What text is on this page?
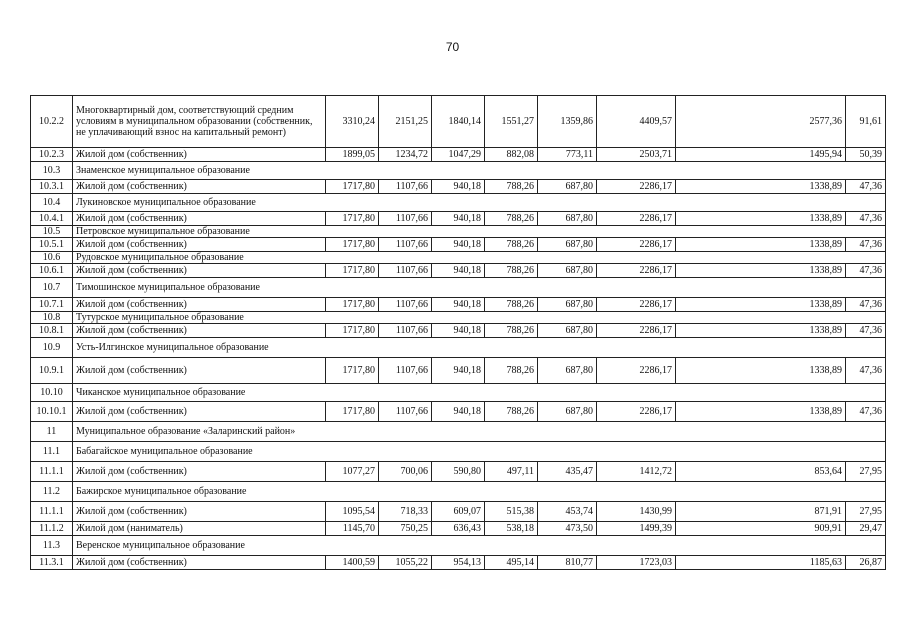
70
10.2.2	Многоквартирный дом, соответствующий средним условиям в муниципальном образовании (собственник, не уплачивающий взнос на капитальный ремонт)	3310,24	2151,25	1840,14	1551,27	1359,86	4409,57	2577,36	91,61
10.2.3	Жилой дом (собственник)	1899,05	1234,72	1047,29	882,08	773,11	2503,71	1495,94	50,39
10.3	Знаменское муниципальное образование								
10.3.1	Жилой дом (собственник)	1717,80	1107,66	940,18	788,26	687,80	2286,17	1338,89	47,36
10.4	Лукиновское муниципальное образование								
10.4.1	Жилой дом (собственник)	1717,80	1107,66	940,18	788,26	687,80	2286,17	1338,89	47,36
10.5	Петровское муниципальное образование								
10.5.1	Жилой дом (собственник)	1717,80	1107,66	940,18	788,26	687,80	2286,17	1338,89	47,36
10.6	Рудовское муниципальное образование								
10.6.1	Жилой дом (собственник)	1717,80	1107,66	940,18	788,26	687,80	2286,17	1338,89	47,36
10.7	Тимошинское муниципальное образование								
10.7.1	Жилой дом (собственник)	1717,80	1107,66	940,18	788,26	687,80	2286,17	1338,89	47,36
10.8	Тутурское муниципальное образование								
10.8.1	Жилой дом (собственник)	1717,80	1107,66	940,18	788,26	687,80	2286,17	1338,89	47,36
10.9	Усть-Илгинское муниципальное образование								
10.9.1	Жилой дом (собственник)	1717,80	1107,66	940,18	788,26	687,80	2286,17	1338,89	47,36
10.10	Чиканское муниципальное образование								
10.10.1	Жилой дом (собственник)	1717,80	1107,66	940,18	788,26	687,80	2286,17	1338,89	47,36
11	Муниципальное образование «Заларинский район»								
11.1	Бабагайское муниципальное образование								
11.1.1	Жилой дом (собственник)	1077,27	700,06	590,80	497,11	435,47	1412,72	853,64	27,95
11.2	Бажирское муниципальное образование								
11.1.1	Жилой дом (собственник)	1095,54	718,33	609,07	515,38	453,74	1430,99	871,91	27,95
11.1.2	Жилой дом (наниматель)	1145,70	750,25	636,43	538,18	473,50	1499,39	909,91	29,47
11.3	Веренское муниципальное образование								
11.3.1	Жилой дом (собственник)	1400,59	1055,22	954,13	495,14	810,77	1723,03	1185,63	26,87
